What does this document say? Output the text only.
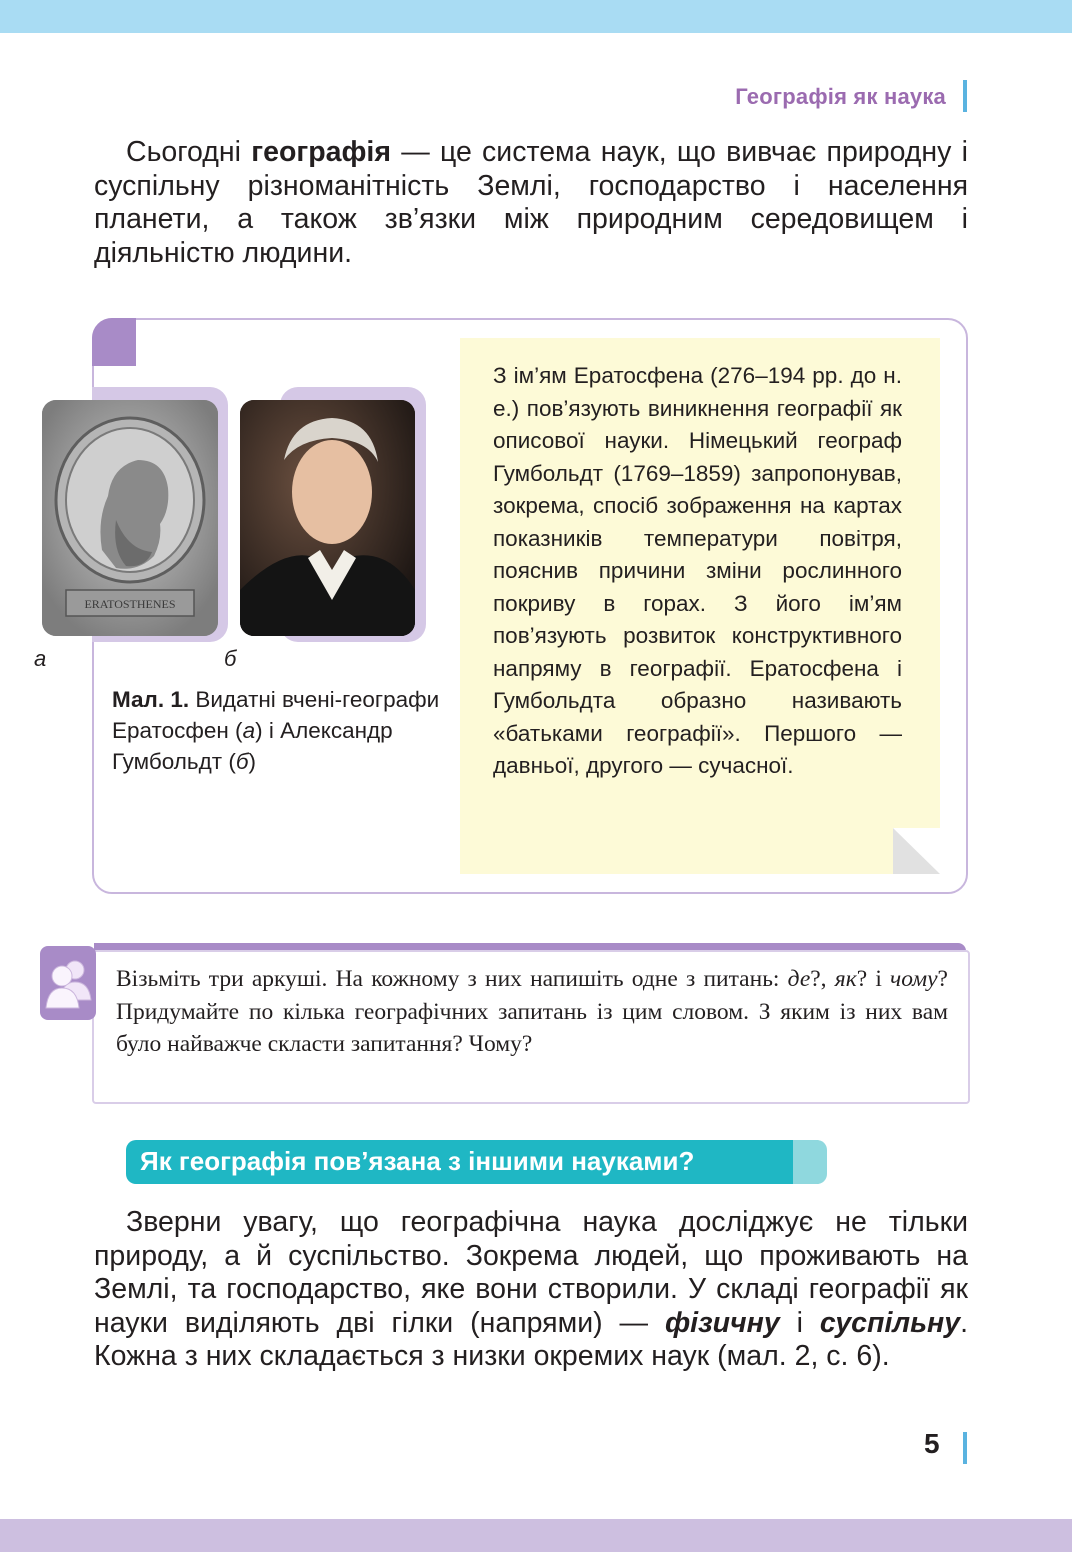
Географія як наука
Сьогодні географія — це система наук, що вивчає природну і суспільну різноманітність Землі, господарство і населення планети, а також зв’язки між природним середовищем і діяльністю людини.
ERATOSTHENES
а	б
Мал. 1. Видатні вчені-географи Ератосфен (а) і Александр Гумбольдт (б)
З ім’ям Ератосфена (276–194 рр. до н. е.) пов’язують виникнення географії як описової науки. Німецький географ Гумбольдт (1769–1859) запропонував, зокрема, спосіб зображення на картах показників температури повітря, пояснив причини зміни рослинного покриву в горах. З його ім’ям пов’язують розвиток конструктивного напряму в географії. Ератосфена і Гумбольдта образно називають «батьками географії». Першого — давньої, другого — сучасної.
Візьміть три аркуші. На кожному з них напишіть одне з питань: де?, як? і чому? Придумайте по кілька географічних запитань із цим словом. З яким із них вам було найважче скласти запитання? Чому?
Як географія пов’язана з іншими науками?
Зверни увагу, що географічна наука досліджує не тільки природу, а й суспільство. Зокрема людей, що проживають на Землі, та господарство, яке вони створили. У складі географії як науки виділяють дві гілки (напрями) — фізичну і суспільну. Кожна з них складається з низки окремих наук (мал. 2, с. 6).
5
